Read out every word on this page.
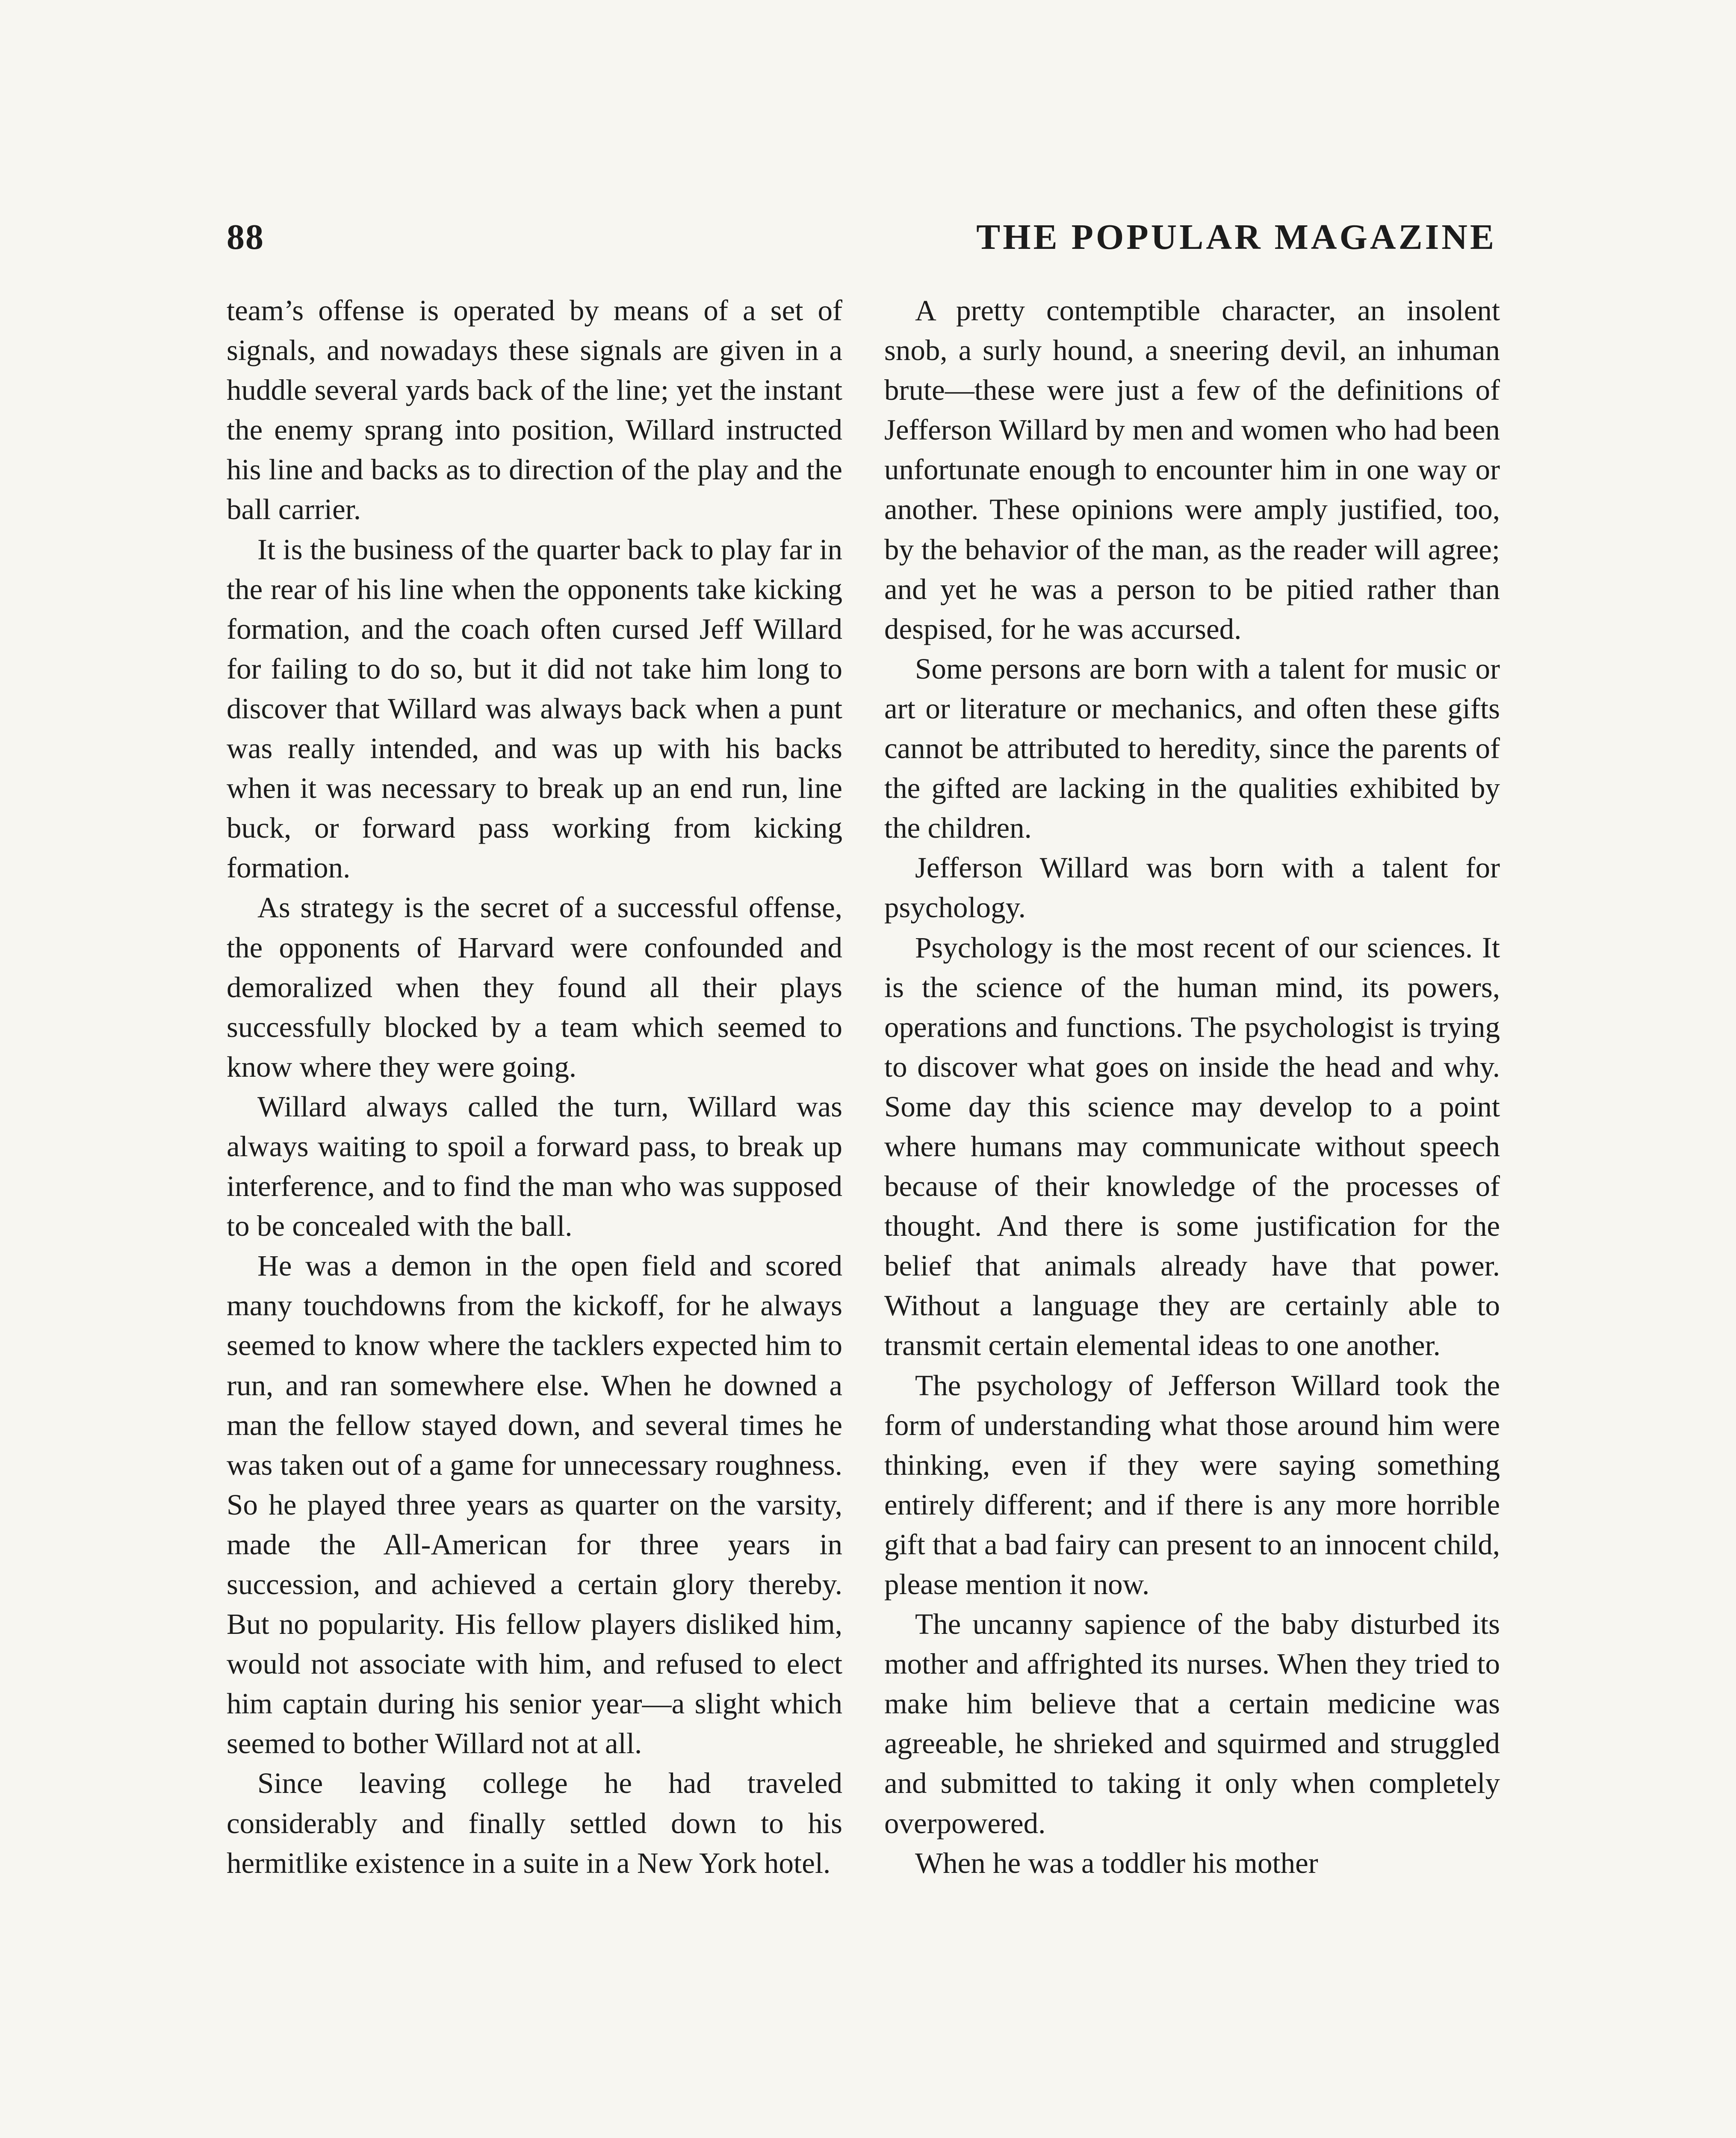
88	THE POPULAR MAGAZINE

team’s offense is operated by means of a set of signals, and nowadays these signals are given in a huddle several yards back of the line; yet the instant the enemy sprang into position, Willard instructed his line and backs as to direction of the play and the ball carrier.

It is the business of the quarter back to play far in the rear of his line when the opponents take kicking formation, and the coach often cursed Jeff Willard for failing to do so, but it did not take him long to discover that Willard was always back when a punt was really intended, and was up with his backs when it was necessary to break up an end run, line buck, or forward pass working from kicking formation.

As strategy is the secret of a successful offense, the opponents of Harvard were confounded and demoralized when they found all their plays successfully blocked by a team which seemed to know where they were going.

Willard always called the turn, Willard was always waiting to spoil a forward pass, to break up interference, and to find the man who was supposed to be concealed with the ball.

He was a demon in the open field and scored many touchdowns from the kickoff, for he always seemed to know where the tacklers expected him to run, and ran somewhere else. When he downed a man the fellow stayed down, and several times he was taken out of a game for unnecessary roughness. So he played three years as quarter on the varsity, made the All-American for three years in succession, and achieved a certain glory thereby. But no popularity. His fellow players disliked him, would not associate with him, and refused to elect him captain during his senior year—a slight which seemed to bother Willard not at all.

Since leaving college he had traveled considerably and finally settled down to his hermitlike existence in a suite in a New York hotel.

A pretty contemptible character, an insolent snob, a surly hound, a sneering devil, an inhuman brute—these were just a few of the definitions of Jefferson Willard by men and women who had been unfortunate enough to encounter him in one way or another. These opinions were amply justified, too, by the behavior of the man, as the reader will agree; and yet he was a person to be pitied rather than despised, for he was accursed.

Some persons are born with a talent for music or art or literature or mechanics, and often these gifts cannot be attributed to heredity, since the parents of the gifted are lacking in the qualities exhibited by the children.

Jefferson Willard was born with a talent for psychology.

Psychology is the most recent of our sciences. It is the science of the human mind, its powers, operations and functions. The psychologist is trying to discover what goes on inside the head and why. Some day this science may develop to a point where humans may communicate without speech because of their knowledge of the processes of thought. And there is some justification for the belief that animals already have that power. Without a language they are certainly able to transmit certain elemental ideas to one another.

The psychology of Jefferson Willard took the form of understanding what those around him were thinking, even if they were saying something entirely different; and if there is any more horrible gift that a bad fairy can present to an innocent child, please mention it now.

The uncanny sapience of the baby disturbed its mother and affrighted its nurses. When they tried to make him believe that a certain medicine was agreeable, he shrieked and squirmed and struggled and submitted to taking it only when completely overpowered.

When he was a toddler his mother
